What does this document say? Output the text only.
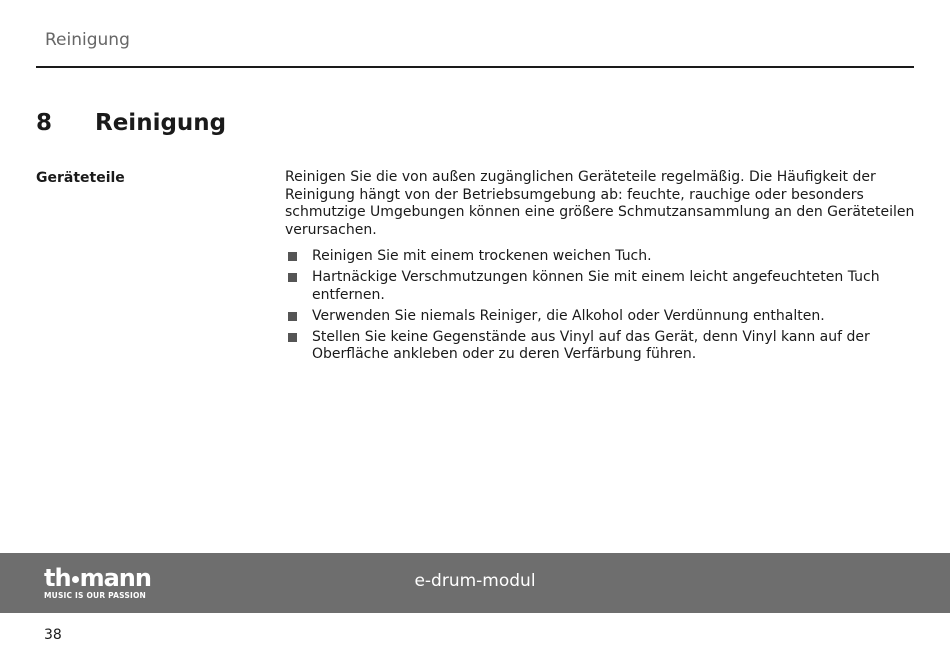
Reinigung
8	Reinigung
Geräteteile	Reinigen Sie die von außen zugänglichen Geräteteile regelmäßig. Die Häufigkeit der Reinigung hängt von der Betriebsumgebung ab: feuchte, rauchige oder besonders schmutzige Umgebungen können eine größere Schmutzansammlung an den Geräteteilen verursachen.

Reinigen Sie mit einem trockenen weichen Tuch.
Hartnäckige Verschmutzungen können Sie mit einem leicht angefeuchteten Tuch entfernen.
Verwenden Sie niemals Reiniger, die Alkohol oder Verdünnung enthalten.
Stellen Sie keine Gegenstände aus Vinyl auf das Gerät, denn Vinyl kann auf der Oberfläche ankleben oder zu deren Verfärbung führen.
th mann
MUSIC IS OUR PASSION
e-drum-modul
38
